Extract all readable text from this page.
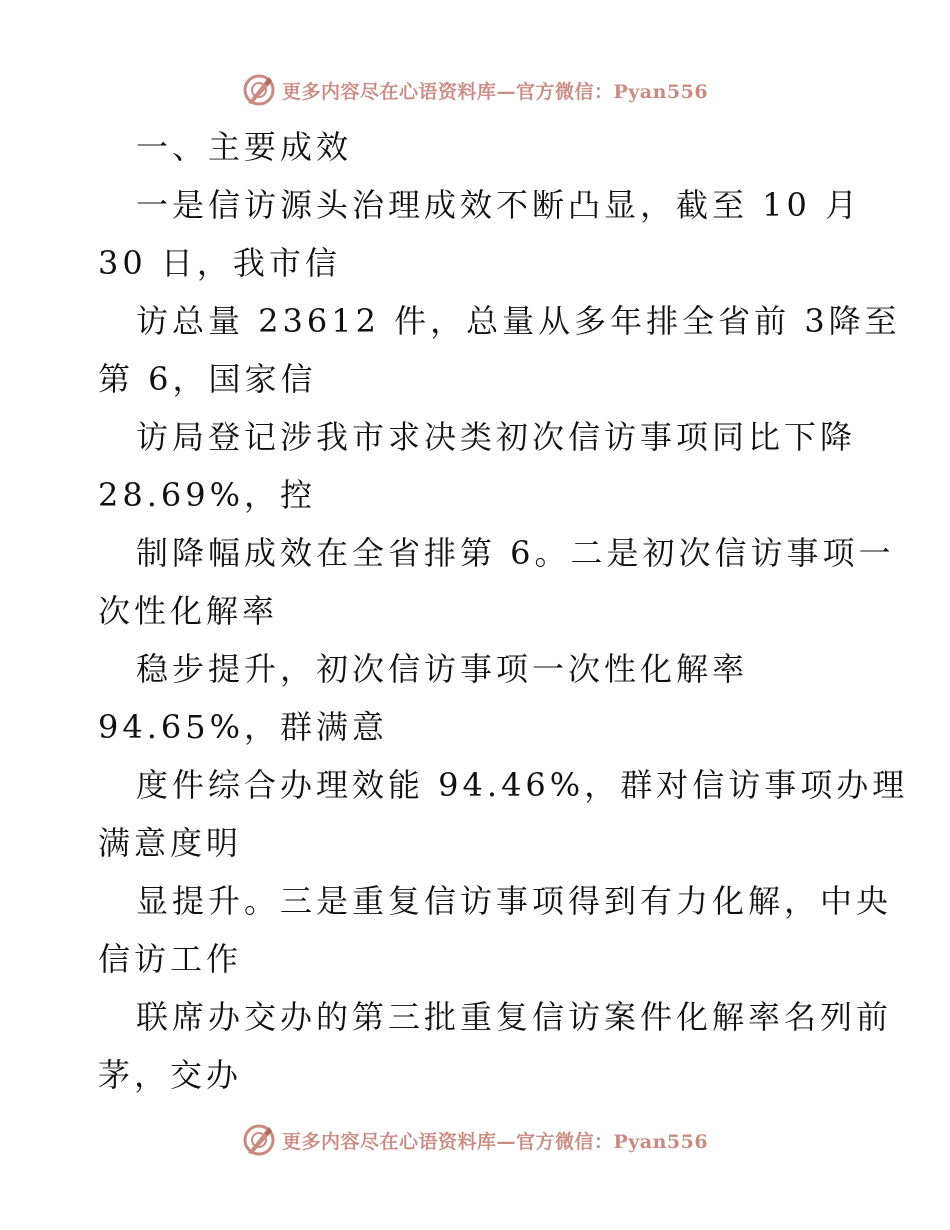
更多内容尽在心语资料库—官方微信：Pyan556
一、主要成效
一是信访源头治理成效不断凸显，截至 10 月
30 日，我市信
访总量 23612 件，总量从多年排全省前 3降至
第 6，国家信
访局登记涉我市求决类初次信访事项同比下降
28.69%，控
制降幅成效在全省排第 6。二是初次信访事项一
次性化解率
稳步提升，初次信访事项一次性化解率
94.65%，群满意
度件综合办理效能 94.46%，群对信访事项办理
满意度明
显提升。三是重复信访事项得到有力化解，中央
信访工作
联席办交办的第三批重复信访案件化解率名列前
茅，交办
更多内容尽在心语资料库—官方微信：Pyan556
